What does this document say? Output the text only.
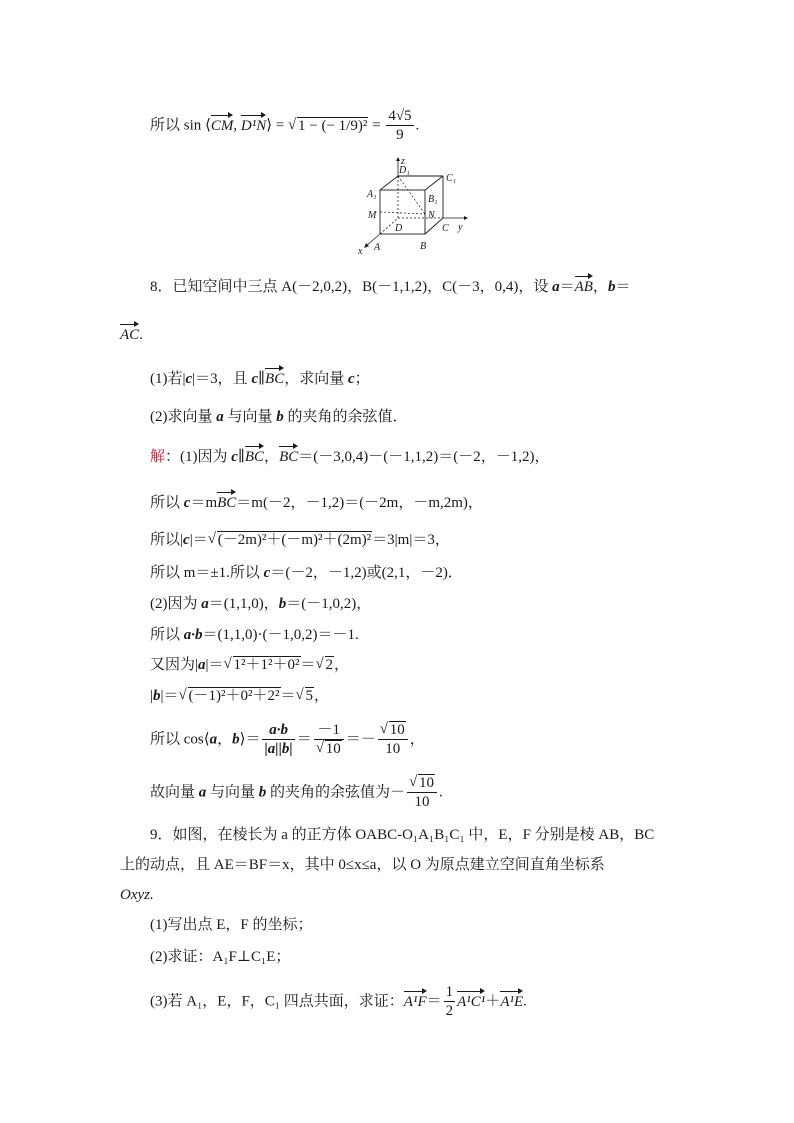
所以 sin ⟨CM, D¹N⟩ = √ 1 − (− $1/9)^2 = \frac{4√5}{9}$ .
z
y
x
D₁
C₁
A₁	B₁
M	N
D	C
A	B
8．已知空间中三点 A(－2,0,2)，B(－1,1,2)，C(－3，0,4)，设 a＝AB，b＝
AC.
(1)若|c|＝3，且 c∥BC，求向量 c；
(2)求向量 a 与向量 b 的夹角的余弦值．
解：(1)因为 c∥BC，BC＝(－3,0,4)－(－1,1,2)＝(－2，－1,2)，
所以 c＝mBC＝m(－2，－1,2)＝(－2m，－m,2m)，
所以|c|＝ √ (－2m)²＋(－m)²＋(2m)²＝3|m|＝3，
所以 m＝±1.所以 c＝(－2，－1,2)或(2,1，－2)．
(2)因为 a＝(1,1,0)，b＝(－1,0,2)，
所以 a·b＝(1,1,0)·(－1,0,2)＝－1.
又因为|a|＝ √ 1²＋1²＋0²＝ √ 2，
|b|＝ √ (－1)²＋0²＋2²＝ √ 5，
所以 cos⟨a，b⟩＝ $\frac{a\cdot b}{|a||b|} = -1$
√ 10 ＝－ √ $\frac{10}{10}$ ，
故向量 a 与向量 b 的夹角的余弦值为－ √ $\frac{10}{10}$ .
9．如图，在棱长为 a 的正方体 OABC-O₁A₁B₁C₁ 中，E，F 分别是棱 AB，BC
上的动点，且 AE＝BF＝x，其中 0≤x≤a，以 O 为原点建立空间直角坐标系
Oxyz.
(1)写出点 E，F 的坐标；
(2)求证：A₁F⊥C₁E；
(3)若 A₁，E，F，C₁ 四点共面，求证：$A^1F= \frac{1}{2} A^1C^1+A^1E$.
